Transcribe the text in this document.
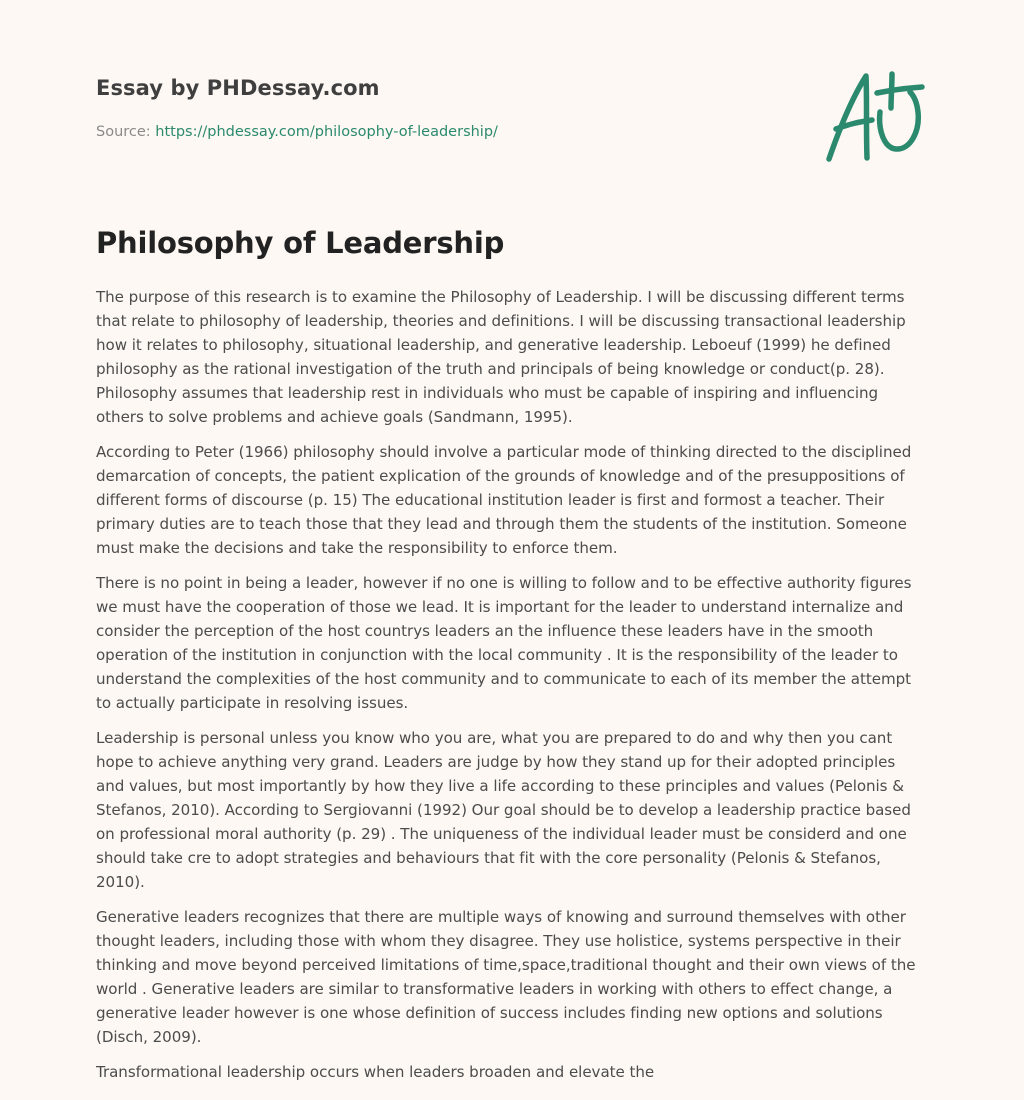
Essay by PHDessay.com
Source: https://phdessay.com/philosophy-of-leadership/
Philosophy of Leadership

The purpose of this research is to examine the Philosophy of Leadership. I will be discussing different terms that relate to philosophy of leadership, theories and definitions. I will be discussing transactional leadership how it relates to philosophy, situational leadership, and generative leadership. Leboeuf (1999) he defined philosophy as the rational investigation of the truth and principals of being knowledge or conduct(p. 28). Philosophy assumes that leadership rest in individuals who must be capable of inspiring and influencing others to solve problems and achieve goals (Sandmann, 1995).

According to Peter (1966) philosophy should involve a particular mode of thinking directed to the disciplined demarcation of concepts, the patient explication of the grounds of knowledge and of the presuppositions of different forms of discourse (p. 15) The educational institution leader is first and formost a teacher. Their primary duties are to teach those that they lead and through them the students of the institution. Someone must make the decisions and take the responsibility to enforce them.

There is no point in being a leader, however if no one is willing to follow and to be effective authority figures we must have the cooperation of those we lead. It is important for the leader to understand internalize and consider the perception of the host countrys leaders an the influence these leaders have in the smooth operation of the institution in conjunction with the local community . It is the responsibility of the leader to understand the complexities of the host community and to communicate to each of its member the attempt to actually participate in resolving issues.

Leadership is personal unless you know who you are, what you are prepared to do and why then you cant hope to achieve anything very grand. Leaders are judge by how they stand up for their adopted principles and values, but most importantly by how they live a life according to these principles and values (Pelonis & Stefanos, 2010). According to Sergiovanni (1992) Our goal should be to develop a leadership practice based on professional moral authority (p. 29) . The uniqueness of the individual leader must be considerd and one should take cre to adopt strategies and behaviours that fit with the core personality (Pelonis & Stefanos, 2010).

Generative leaders recognizes that there are multiple ways of knowing and surround themselves with other thought leaders, including those with whom they disagree. They use holistice, systems perspective in their thinking and move beyond perceived limitations of time,space,traditional thought and their own views of the world . Generative leaders are similar to transformative leaders in working with others to effect change, a generative leader however is one whose definition of success includes finding new options and solutions (Disch, 2009).

Transformational leadership occurs when leaders broaden and elevate the
